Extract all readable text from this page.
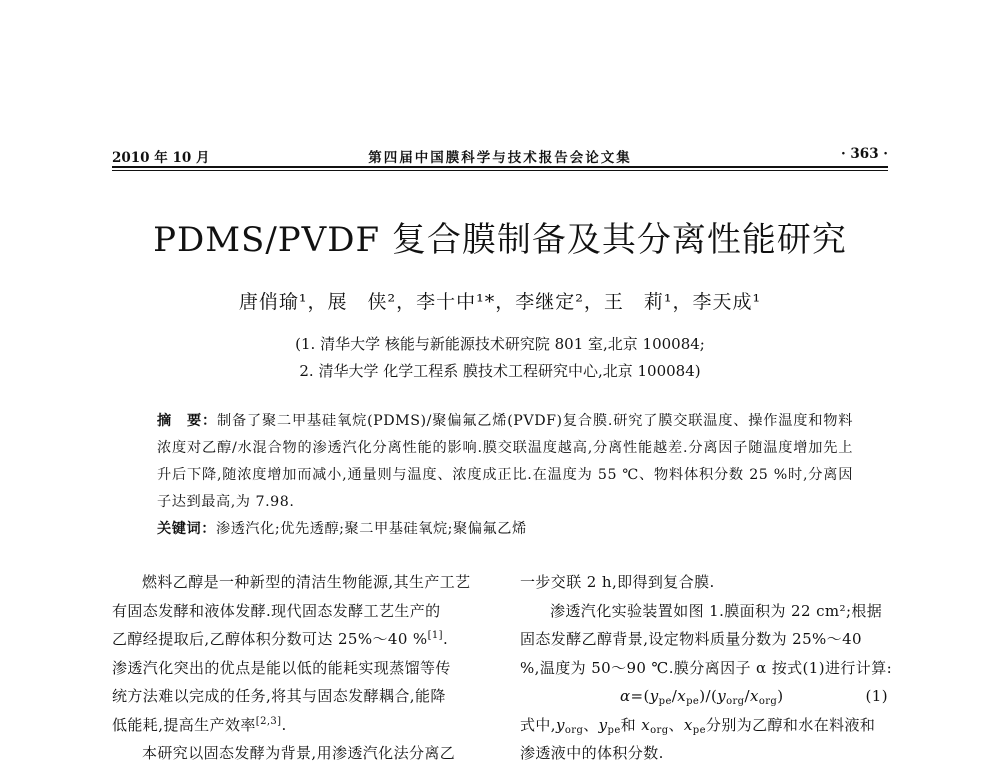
2010 年 10 月	第四届中国膜科学与技术报告会论文集	· 363 ·
PDMS/PVDF 复合膜制备及其分离性能研究
唐俏瑜¹，展　侠²，李十中¹*，李继定²，王　莉¹，李天成¹
(1. 清华大学 核能与新能源技术研究院 801 室,北京 100084;
2. 清华大学 化学工程系 膜技术工程研究中心,北京 100084)
摘　要：制备了聚二甲基硅氧烷(PDMS)/聚偏氟乙烯(PVDF)复合膜.研究了膜交联温度、操作温度和物料浓度对乙醇/水混合物的渗透汽化分离性能的影响.膜交联温度越高,分离性能越差.分离因子随温度增加先上升后下降,随浓度增加而减小,通量则与温度、浓度成正比.在温度为 55 ℃、物料体积分数 25 %时,分离因子达到最高,为 7.98.
关键词：渗透汽化;优先透醇;聚二甲基硅氧烷;聚偏氟乙烯
燃料乙醇是一种新型的清洁生物能源,其生产工艺
有固态发酵和液体发酵.现代固态发酵工艺生产的
乙醇经提取后,乙醇体积分数可达 25%～40 %[1].
渗透汽化突出的优点是能以低的能耗实现蒸馏等传
统方法难以完成的任务,将其与固态发酵耦合,能降
低能耗,提高生产效率[2,3].
本研究以固态发酵为背景,用渗透汽化法分离乙
一步交联 2 h,即得到复合膜.
渗透汽化实验装置如图 1.膜面积为 22 cm²;根据
固态发酵乙醇背景,设定物料质量分数为 25%～40
%,温度为 50～90 ℃.膜分离因子 α 按式(1)进行计算:
$\alpha=(y_{pe}/x_{pe})/(y_{org}/x_{org})$	(1)
式中$,y_{org}$、$y_{pe}$和 $x_{org}$、$x_{pe}$分别为乙醇和水在料液和
渗透液中的体积分数.
